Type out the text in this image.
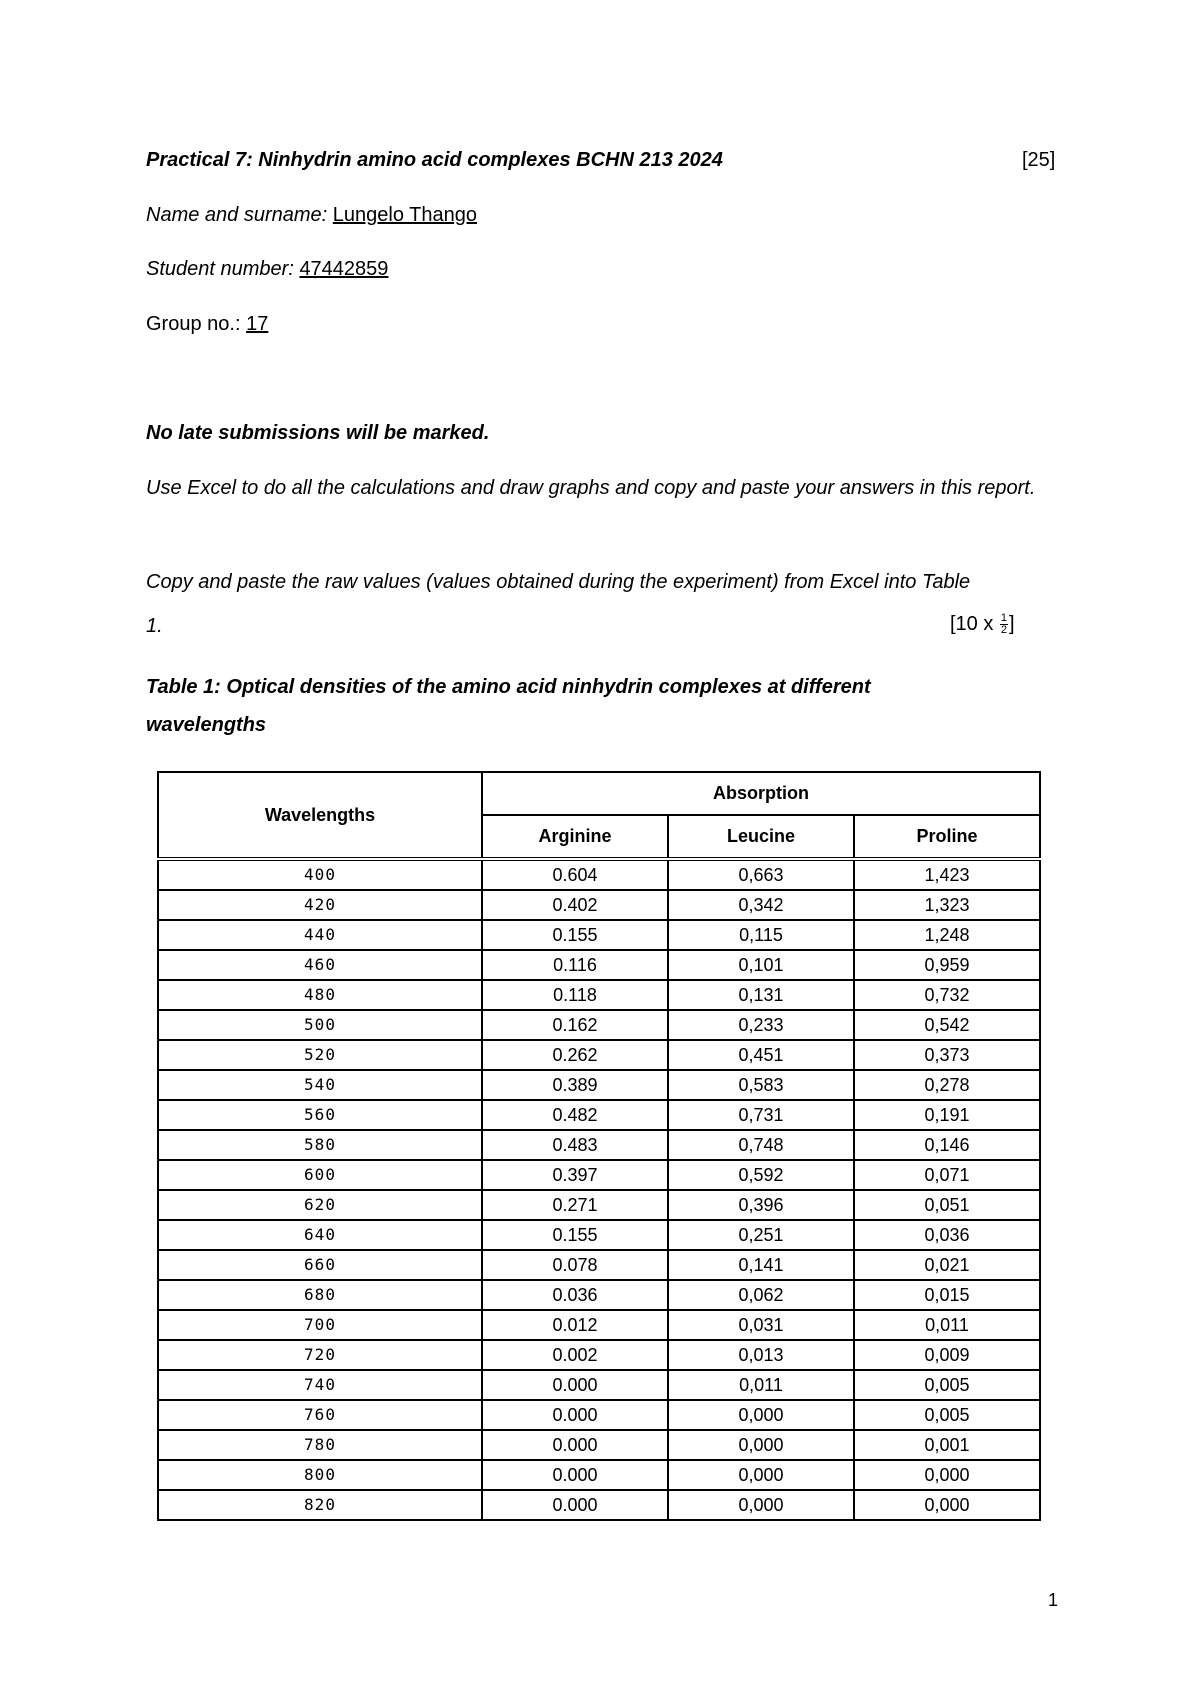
Practical 7: Ninhydrin amino acid complexes BCHN 213 2024	[25]
Name and surname: Lungelo Thango
Student number: 47442859
Group no.: 17
No late submissions will be marked.
Use Excel to do all the calculations and draw graphs and copy and paste your answers in this report.
Copy and paste the raw values (values obtained during the experiment) from Excel into Table
1.	[10 x $\frac{1}{2}$ ]
Table 1: Optical densities of the amino acid ninhydrin complexes at different
wavelengths
Wavelengths	Absorption		
	Arginine	Leucine	Proline
400	0.604	0,663	1,423
420	0.402	0,342	1,323
440	0.155	0,115	1,248
460	0.116	0,101	0,959
480	0.118	0,131	0,732
500	0.162	0,233	0,542
520	0.262	0,451	0,373
540	0.389	0,583	0,278
560	0.482	0,731	0,191
580	0.483	0,748	0,146
600	0.397	0,592	0,071
620	0.271	0,396	0,051
640	0.155	0,251	0,036
660	0.078	0,141	0,021
680	0.036	0,062	0,015
700	0.012	0,031	0,011
720	0.002	0,013	0,009
740	0.000	0,011	0,005
760	0.000	0,000	0,005
780	0.000	0,000	0,001
800	0.000	0,000	0,000
820	0.000	0,000	0,000
1
